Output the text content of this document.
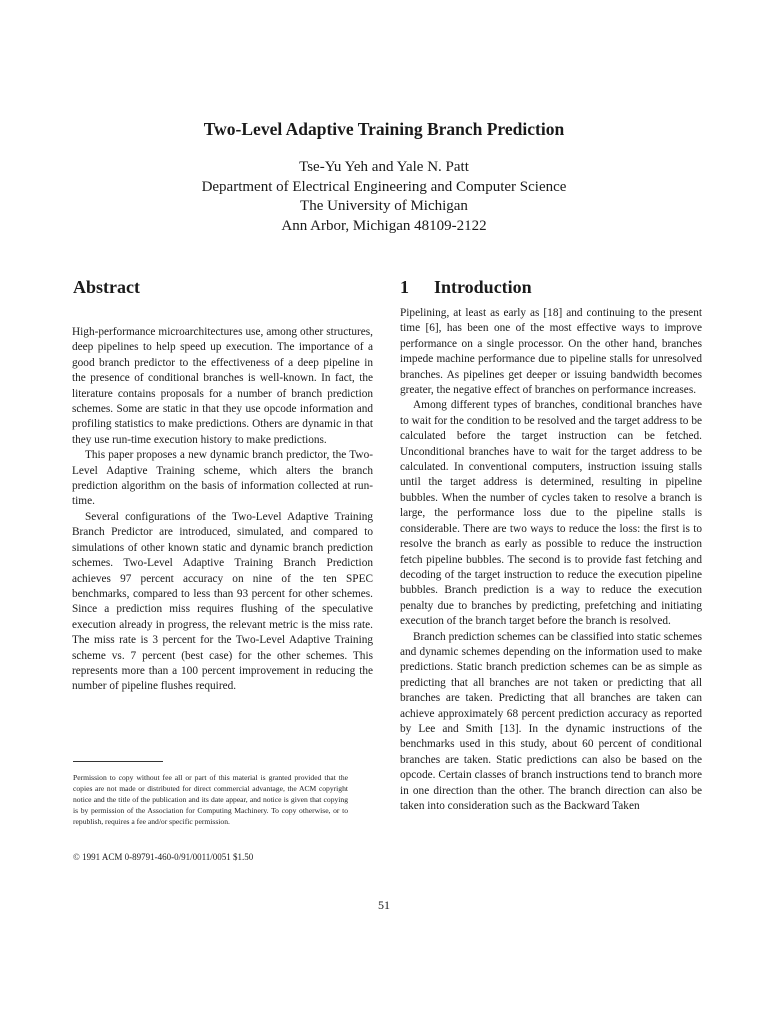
Two-Level Adaptive Training Branch Prediction
Tse-Yu Yeh and Yale N. Patt
Department of Electrical Engineering and Computer Science
The University of Michigan
Ann Arbor, Michigan 48109-2122
Abstract	1 Introduction

High-performance microarchitectures use, among other structures, deep pipelines to help speed up execution. The importance of a good branch predictor to the effectiveness of a deep pipeline in the presence of conditional branches is well-known. In fact, the literature contains proposals for a number of branch prediction schemes. Some are static in that they use opcode information and profiling statistics to make predictions. Others are dynamic in that they use run-time execution history to make predictions.

This paper proposes a new dynamic branch predictor, the Two-Level Adaptive Training scheme, which alters the branch prediction algorithm on the basis of information collected at run-time.

Several configurations of the Two-Level Adaptive Training Branch Predictor are introduced, simulated, and compared to simulations of other known static and dynamic branch prediction schemes. Two-Level Adaptive Training Branch Prediction achieves 97 percent accuracy on nine of the ten SPEC benchmarks, compared to less than 93 percent for other schemes. Since a prediction miss requires flushing of the speculative execution already in progress, the relevant metric is the miss rate. The miss rate is 3 percent for the Two-Level Adaptive Training scheme vs. 7 percent (best case) for the other schemes. This represents more than a 100 percent improvement in reducing the number of pipeline flushes required.

Pipelining, at least as early as [18] and continuing to the present time [6], has been one of the most effective ways to improve performance on a single processor. On the other hand, branches impede machine performance due to pipeline stalls for unresolved branches. As pipelines get deeper or issuing bandwidth becomes greater, the negative effect of branches on performance increases.

Among different types of branches, conditional branches have to wait for the condition to be resolved and the target address to be calculated before the target instruction can be fetched. Unconditional branches have to wait for the target address to be calculated. In conventional computers, instruction issuing stalls until the target address is determined, resulting in pipeline bubbles. When the number of cycles taken to resolve a branch is large, the performance loss due to the pipeline stalls is considerable. There are two ways to reduce the loss: the first is to resolve the branch as early as possible to reduce the instruction fetch pipeline bubbles. The second is to provide fast fetching and decoding of the target instruction to reduce the execution pipeline bubbles. Branch prediction is a way to reduce the execution penalty due to branches by predicting, prefetching and initiating execution of the branch target before the branch is resolved.

Branch prediction schemes can be classified into static schemes and dynamic schemes depending on the information used to make predictions. Static branch prediction schemes can be as simple as predicting that all branches are not taken or predicting that all branches are taken. Predicting that all branches are taken can achieve approximately 68 percent prediction accuracy as reported by Lee and Smith [13]. In the dynamic instructions of the benchmarks used in this study, about 60 percent of conditional branches are taken. Static predictions can also be based on the opcode. Certain classes of branch instructions tend to branch more in one direction than the other. The branch direction can also be taken into consideration such as the Backward Taken

Permission to copy without fee all or part of this material is granted provided that the copies are not made or distributed for direct commercial advantage, the ACM copyright notice and the title of the publication and its date appear, and notice is given that copying is by permission of the Association for Computing Machinery. To copy otherwise, or to republish, requires a fee and/or specific permission.
© 1991 ACM 0-89791-460-0/91/0011/0051 $1.50
51
